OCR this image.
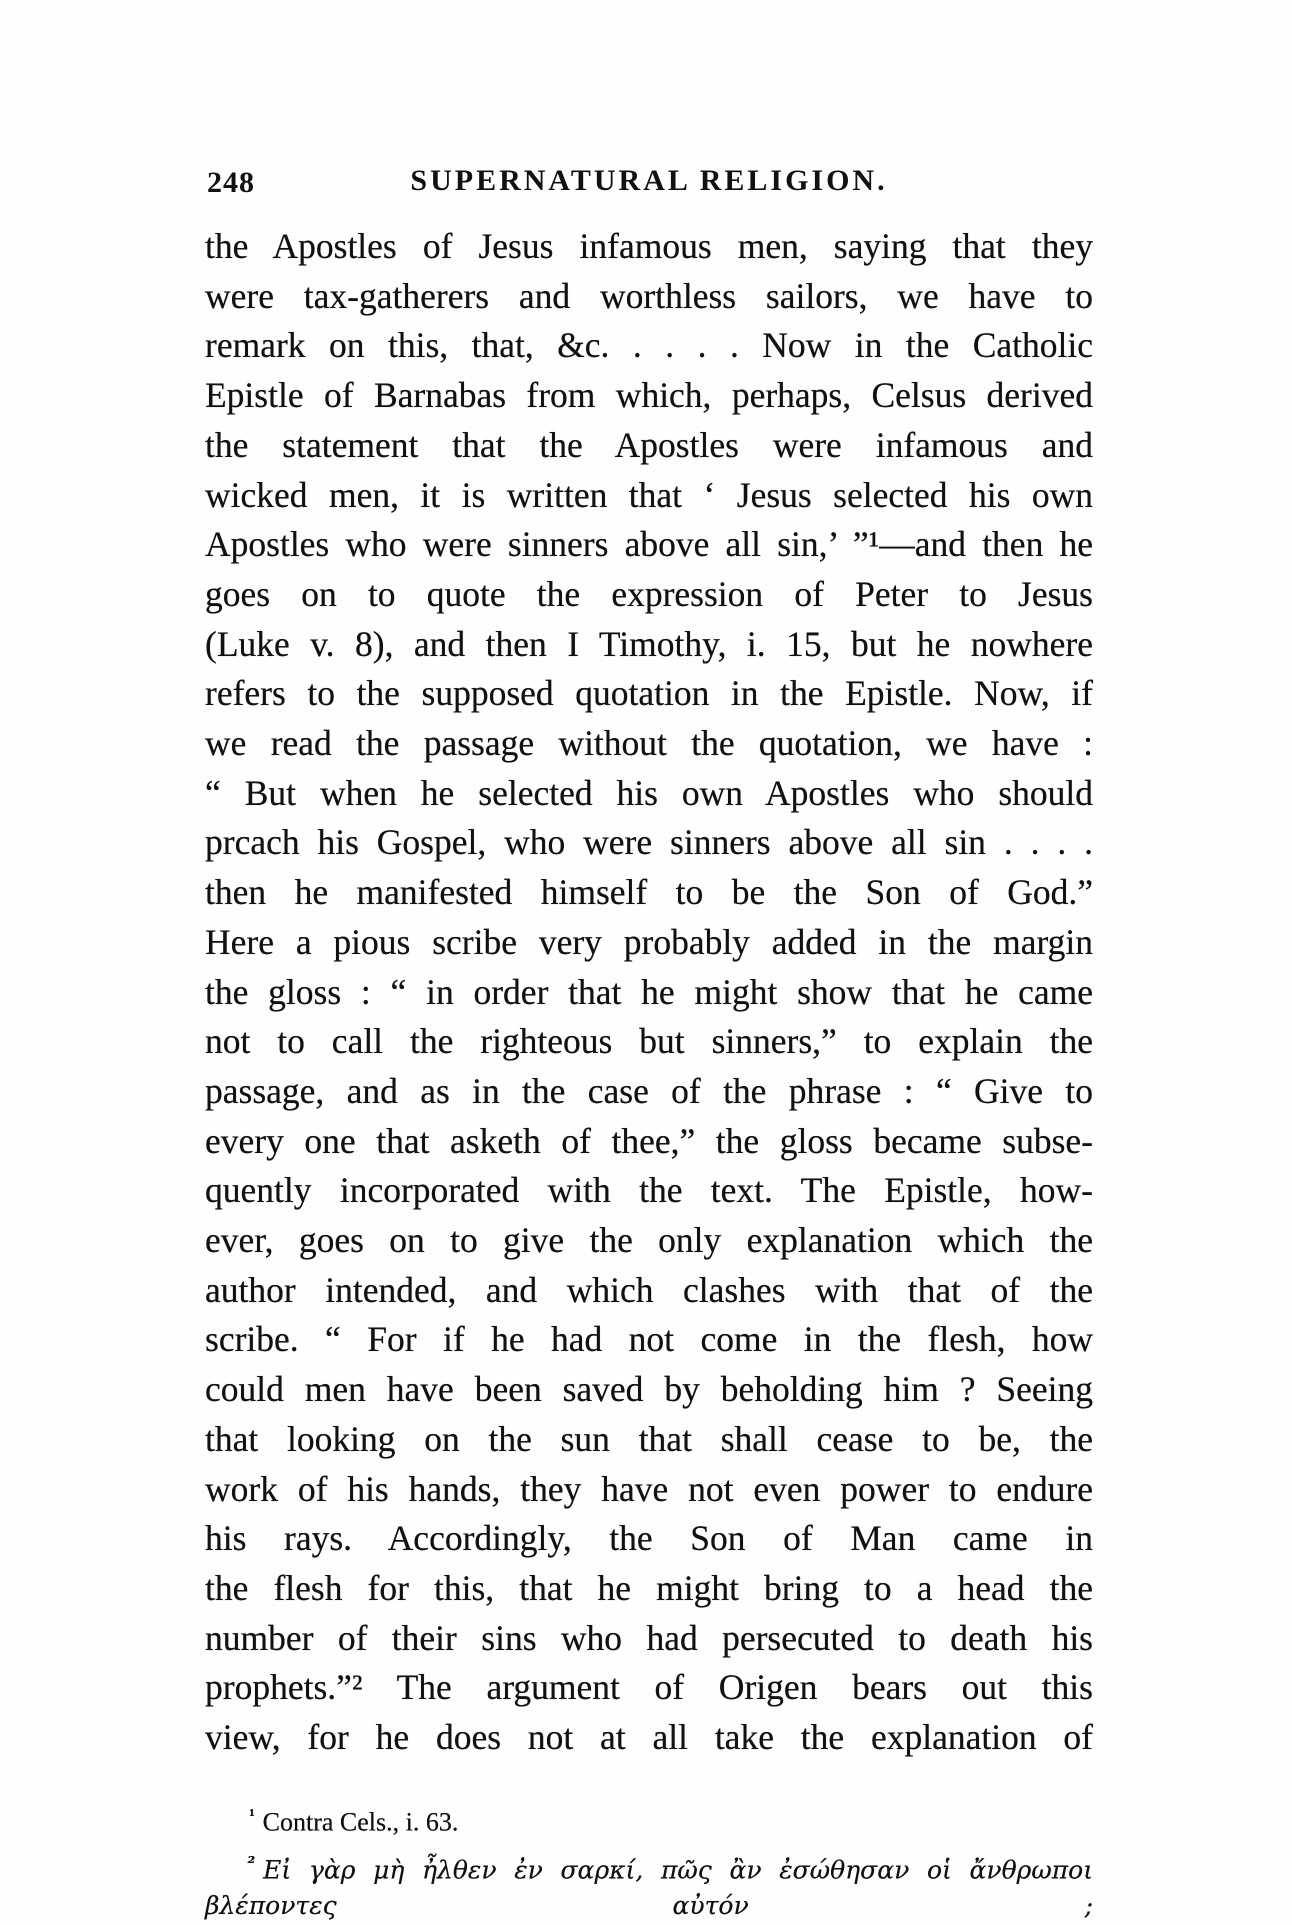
248	SUPERNATURAL RELIGION.
the Apostles of Jesus infamous men, saying that they
were tax-gatherers and worthless sailors, we have to
remark on this, that, &c. . . . . Now in the Catholic
Epistle of Barnabas from which, perhaps, Celsus derived
the statement that the Apostles were infamous and
wicked men, it is written that ‘ Jesus selected his own
Apostles who were sinners above all sin,’ ”¹—and then he
goes on to quote the expression of Peter to Jesus
(Luke v. 8), and then I Timothy, i. 15, but he nowhere
refers to the supposed quotation in the Epistle. Now, if
we read the passage without the quotation, we have :
“ But when he selected his own Apostles who should
prcach his Gospel, who were sinners above all sin . . . .
then he manifested himself to be the Son of God.”
Here a pious scribe very probably added in the margin
the gloss : “ in order that he might show that he came
not to call the righteous but sinners,” to explain the
passage, and as in the case of the phrase : “ Give to
every one that asketh of thee,” the gloss became subse-
quently incorporated with the text. The Epistle, how-
ever, goes on to give the only explanation which the
author intended, and which clashes with that of the
scribe. “ For if he had not come in the flesh, how
could men have been saved by beholding him ? Seeing
that looking on the sun that shall cease to be, the
work of his hands, they have not even power to endure
his rays. Accordingly, the Son of Man came in
the flesh for this, that he might bring to a head the
number of their sins who had persecuted to death his
prophets.”² The argument of Origen bears out this
view, for he does not at all take the explanation of
$^{^1}$ Contra Cels., i. 63.
$^{^2}$ Εἰ γὰρ μὴ ἦλθεν ἐν σαρκί, πῶς ἂν ἐσώθησαν οἱ ἄνθρωποι βλέποντες αὐτόν ;
